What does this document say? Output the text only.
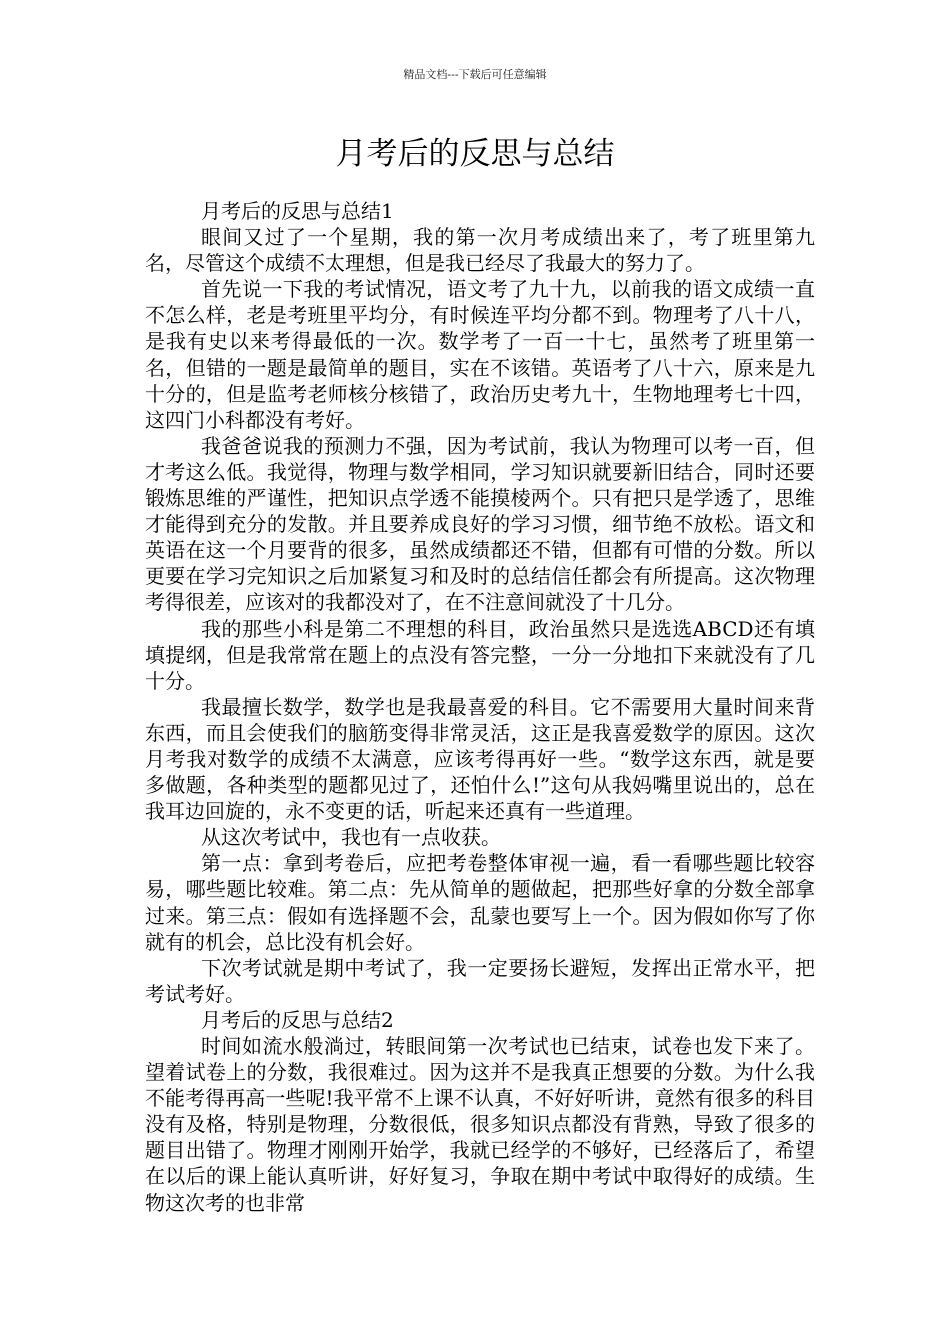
精品文档---下载后可任意编辑
月考后的反思与总结

月考后的反思与总结1

眼间又过了一个星期，我的第一次月考成绩出来了，考了班里第九名，尽管这个成绩不太理想，但是我已经尽了我最大的努力了。

首先说一下我的考试情况，语文考了九十九，以前我的语文成绩一直不怎么样，老是考班里平均分，有时候连平均分都不到。物理考了八十八，是我有史以来考得最低的一次。数学考了一百一十七，虽然考了班里第一名，但错的一题是最简单的题目，实在不该错。英语考了八十六，原来是九十分的，但是监考老师核分核错了，政治历史考九十，生物地理考七十四，这四门小科都没有考好。

我爸爸说我的预测力不强，因为考试前，我认为物理可以考一百，但才考这么低。我觉得，物理与数学相同，学习知识就要新旧结合，同时还要锻炼思维的严谨性，把知识点学透不能摸棱两个。只有把只是学透了，思维才能得到充分的发散。并且要养成良好的学习习惯，细节绝不放松。语文和英语在这一个月要背的很多，虽然成绩都还不错，但都有可惜的分数。所以更要在学习完知识之后加紧复习和及时的总结信任都会有所提高。这次物理考得很差，应该对的我都没对了，在不注意间就没了十几分。

我的那些小科是第二不理想的科目，政治虽然只是选选ABCD还有填填提纲，但是我常常在题上的点没有答完整，一分一分地扣下来就没有了几十分。

我最擅长数学，数学也是我最喜爱的科目。它不需要用大量时间来背东西，而且会使我们的脑筋变得非常灵活，这正是我喜爱数学的原因。这次月考我对数学的成绩不太满意，应该考得再好一些。“数学这东西，就是要多做题，各种类型的题都见过了，还怕什么!”这句从我妈嘴里说出的，总在我耳边回旋的，永不变更的话，听起来还真有一些道理。

从这次考试中，我也有一点收获。

第一点：拿到考卷后，应把考卷整体审视一遍，看一看哪些题比较容易，哪些题比较难。第二点：先从简单的题做起，把那些好拿的分数全部拿过来。第三点：假如有选择题不会，乱蒙也要写上一个。因为假如你写了你就有的机会，总比没有机会好。

下次考试就是期中考试了，我一定要扬长避短，发挥出正常水平，把考试考好。

月考后的反思与总结2

时间如流水般淌过，转眼间第一次考试也已结束，试卷也发下来了。望着试卷上的分数，我很难过。因为这并不是我真正想要的分数。为什么我不能考得再高一些呢!我平常不上课不认真，不好好听讲，竟然有很多的科目没有及格，特别是物理，分数很低，很多知识点都没有背熟，导致了很多的题目出错了。物理才刚刚开始学，我就已经学的不够好，已经落后了，希望在以后的课上能认真听讲，好好复习，争取在期中考试中取得好的成绩。生物这次考的也非常
